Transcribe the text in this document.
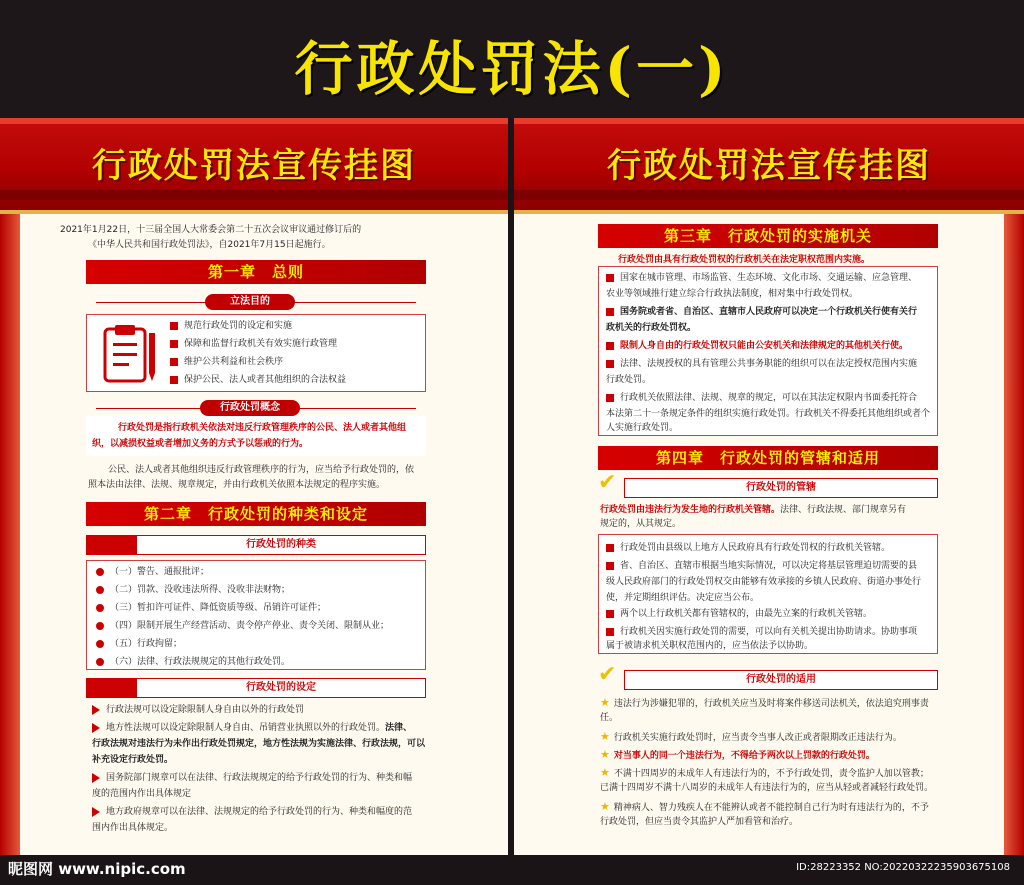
行政处罚法(一)
行政处罚法宣传挂图
2021年1月22日，十三届全国人大常委会第二十五次会议审议通过修订后的
《中华人民共和国行政处罚法》，自2021年7月15日起施行。
第一章　总则
立法目的
规范行政处罚的设定和实施
保障和监督行政机关有效实施行政管理
维护公共利益和社会秩序
保护公民、法人或者其他组织的合法权益
行政处罚概念
行政处罚是指行政机关依法对违反行政管理秩序的公民、法人或者其他组
织，以减损权益或者增加义务的方式予以惩戒的行为。
公民、法人或者其他组织违反行政管理秩序的行为，应当给予行政处罚的，依
照本法由法律、法规、规章规定，并由行政机关依照本法规定的程序实施。
第二章　行政处罚的种类和设定
行政处罚的种类
（一）警告、通报批评；
（二）罚款、没收违法所得、没收非法财物；
（三）暂扣许可证件、降低资质等级、吊销许可证件；
（四）限制开展生产经营活动、责令停产停业、责令关闭、限制从业；
（五）行政拘留；
（六）法律、行政法规规定的其他行政处罚。
行政处罚的设定
行政法规可以设定除限制人身自由以外的行政处罚
地方性法规可以设定除限制人身自由、吊销营业执照以外的行政处罚。法律、
行政法规对违法行为未作出行政处罚规定，地方性法规为实施法律、行政法规，可以
补充设定行政处罚。
国务院部门规章可以在法律、行政法规规定的给予行政处罚的行为、种类和幅
度的范围内作出具体规定
地方政府规章可以在法律、法规规定的给予行政处罚的行为、种类和幅度的范
围内作出具体规定。
行政处罚法宣传挂图
第三章　行政处罚的实施机关
行政处罚由具有行政处罚权的行政机关在法定职权范围内实施。
国家在城市管理、市场监管、生态环境、文化市场、交通运输、应急管理、
农业等领域推行建立综合行政执法制度，相对集中行政处罚权。
国务院或者省、自治区、直辖市人民政府可以决定一个行政机关行使有关行
政机关的行政处罚权。
限制人身自由的行政处罚权只能由公安机关和法律规定的其他机关行使。
法律、法规授权的具有管理公共事务职能的组织可以在法定授权范围内实施
行政处罚。
行政机关依照法律、法规、规章的规定，可以在其法定权限内书面委托符合
本法第二十一条规定条件的组织实施行政处罚。行政机关不得委托其他组织或者个
人实施行政处罚。
第四章　行政处罚的管辖和适用
✔	行政处罚的管辖
行政处罚由违法行为发生地的行政机关管辖。法律、行政法规、部门规章另有
规定的，从其规定。
行政处罚由县级以上地方人民政府具有行政处罚权的行政机关管辖。
省、自治区、直辖市根据当地实际情况，可以决定将基层管理迫切需要的县
级人民政府部门的行政处罚权交由能够有效承接的乡镇人民政府、街道办事处行
使，并定期组织评估。决定应当公布。
两个以上行政机关都有管辖权的，由最先立案的行政机关管辖。
行政机关因实施行政处罚的需要，可以向有关机关提出协助请求。协助事项
属于被请求机关职权范围内的，应当依法予以协助。
✔	行政处罚的适用
★ 违法行为涉嫌犯罪的，行政机关应当及时将案件移送司法机关，依法追究刑事责
任。
★ 行政机关实施行政处罚时，应当责令当事人改正或者限期改正违法行为。
★ 对当事人的同一个违法行为，不得给予两次以上罚款的行政处罚。
★ 不满十四周岁的未成年人有违法行为的，不予行政处罚，责令监护人加以管教；
已满十四周岁不满十八周岁的未成年人有违法行为的，应当从轻或者减轻行政处罚。
★ 精神病人、智力残疾人在不能辨认或者不能控制自己行为时有违法行为的，不予
行政处罚，但应当责令其监护人严加看管和治疗。
昵图网 www.nipic.com	ID:28223352 NO:20220322235903675108
